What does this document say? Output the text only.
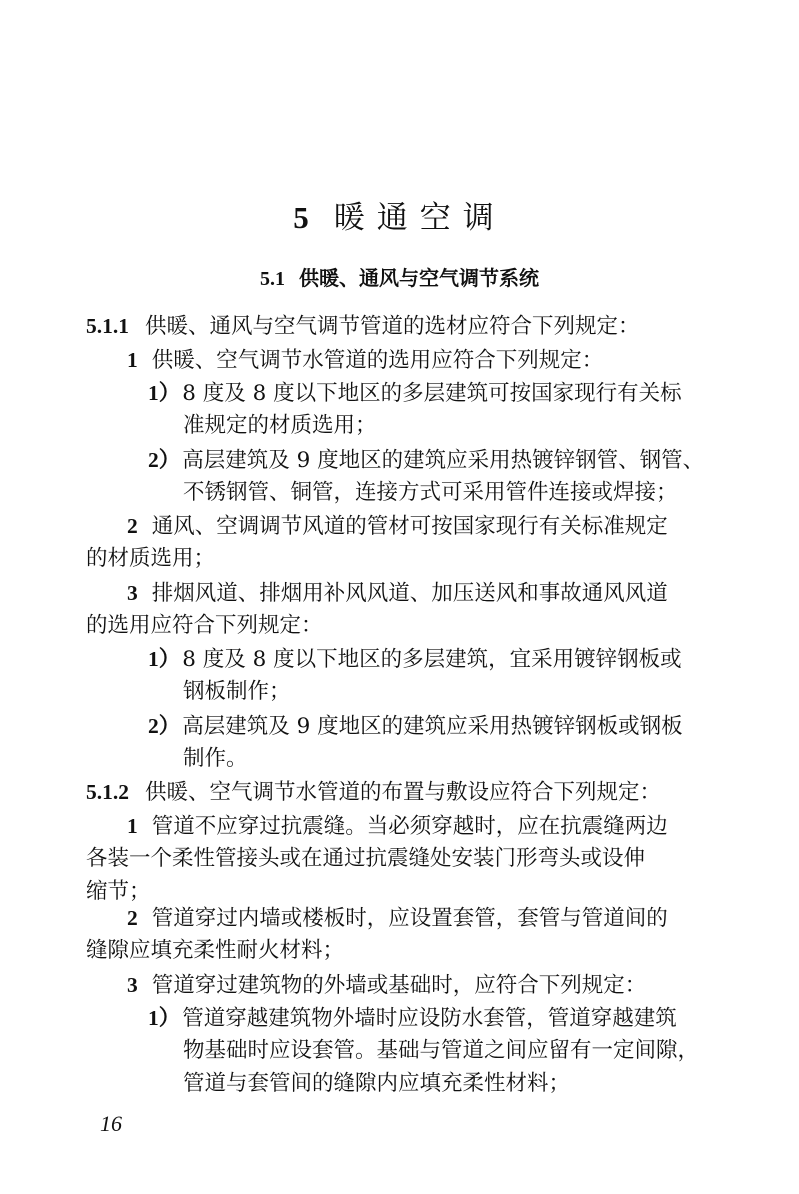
5 暖通空调
5.1 供暖、通风与空气调节系统
5.1.1 供暖、通风与空气调节管道的选材应符合下列规定：
1 供暖、空气调节水管道的选用应符合下列规定：
1）8 度及 8 度以下地区的多层建筑可按国家现行有关标
准规定的材质选用；
2）高层建筑及 9 度地区的建筑应采用热镀锌钢管、钢管、
不锈钢管、铜管，连接方式可采用管件连接或焊接；
2 通风、空调调节风道的管材可按国家现行有关标准规定
的材质选用；
3 排烟风道、排烟用补风风道、加压送风和事故通风风道
的选用应符合下列规定：
1）8 度及 8 度以下地区的多层建筑，宜采用镀锌钢板或
钢板制作；
2）高层建筑及 9 度地区的建筑应采用热镀锌钢板或钢板
制作。
5.1.2 供暖、空气调节水管道的布置与敷设应符合下列规定：
1 管道不应穿过抗震缝。当必须穿越时，应在抗震缝两边
各装一个柔性管接头或在通过抗震缝处安装门形弯头或设伸
缩节；
2 管道穿过内墙或楼板时，应设置套管，套管与管道间的
缝隙应填充柔性耐火材料；
3 管道穿过建筑物的外墙或基础时，应符合下列规定：
1）管道穿越建筑物外墙时应设防水套管，管道穿越建筑
物基础时应设套管。基础与管道之间应留有一定间隙，
管道与套管间的缝隙内应填充柔性材料；
16
